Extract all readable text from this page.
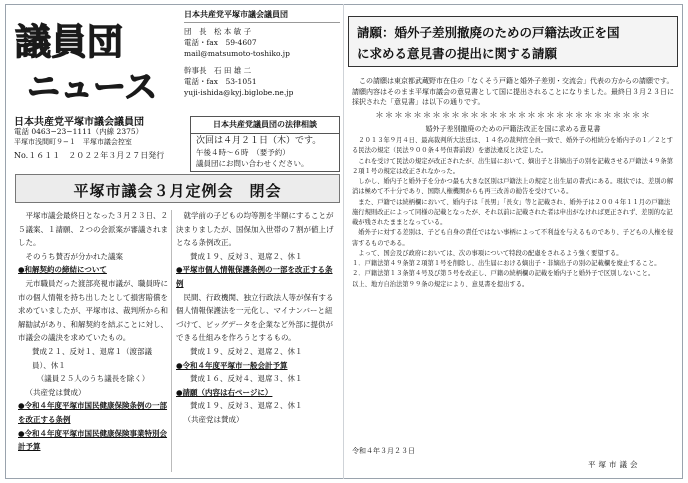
議員団
ニュース
日本共産党平塚市議会議員団
電話 0463−23−1111（内線 2375）
平塚市浅間町９−１　平塚市議会控室
No.１６１１　２０２２年３月２７日発行
日本共産党平塚市議会議員団
団　長　松 本 敏 子
電話・fax　59-4607
mail@matsumoto-toshiko.jp
幹事長　石 田 雄 二
電話・fax　53-1051
yuji-ishida@kyj.biglobe.ne.jp
日本共産党議員団の法律相談
次回は４月２１日（木）です。
午後４時〜６時　（要予約）
議員団にお問い合わせください。
平塚市議会３月定例会　閉会

平塚市議会最終日となった３月２３日、２５議案、１請願、２つの会派案が審議されました。

そのうち賛否が分かれた議案

●和解契約の締結について

元市職員だった渡部亮視市議が、職員時に市の個人情報を持ち出したとして損害賠償を求めていましたが、平塚市は、裁判所から和解勧試があり、和解契約を結ぶことに対し、市議会の議決を求めていたもの。

賛成２１、反対１、退席１（渡部議員）、休１

（議員２５人のうち議長を除く）

（共産党は賛成）

●令和４年度平塚市国民健康保険条例の一部を改正する条例

●令和４年度平塚市国民健康保険事業特別会計予算

就学前の子どもの均等割を半額にすることが決まりましたが、国保加入世帯の７割が値上げとなる条例改正。

賛成１９、反対３、退席２、休１

●平塚市個人情報保護条例の一部を改正する条例

民間、行政機関、独立行政法人等が保有する個人情報保護法を一元化し、マイナンバーと紐づけて、ビッグデータを企業など外部に提供ができる仕組みを作ろうとするもの。

賛成１９、反対２、退席２、休１

●令和４年度平塚市一般会計予算

賛成１６、反対４、退席３、休１

●請願（内容は右ページに）

賛成１９、反対３、退席２、休１

（共産党は賛成）

請願：婚外子差別撤廃のための戸籍法改正を国
に求める意見書の提出に関する請願

この請願は東京都武蔵野市在住の「なくそう戸籍と婚外子差別・交流会」代表の方からの請願です。請願内容はそのまま平塚市議会の意見書として国に提出されることになりました。最終日３月２３日に採択された「意見書」は以下の通りです。

＊＊＊＊＊＊＊＊＊＊＊＊＊＊＊＊＊＊＊＊＊＊＊＊＊＊＊＊＊
婚外子差別撤廃のための戸籍法改正を国に求める意見書

２０１３年９月４日、最高裁判所大法廷は、１４名の裁判官全員一致で、婚外子の相続分を婚内子の１／２とする民法の規定（民法９００条４号但書前段）を憲法違反と決定した。

これを受けて民法の規定が改正されたが、出生届において、嫡出子と非嫡出子の別を記載させる戸籍法４９条第２項１号の規定は改正されなかった。

しかし、婚内子と婚外子を分かつ最も大きな区別は戸籍法上の規定と出生届の書式にある。現状では、差別の解消は極めて不十分であり、国際人権機関からも再三改善の勧告を受けている。

また、戸籍では続柄欄において、婚内子は「長男」「長女」等と記載され、婚外子は２００４年１１月の戸籍法施行規則改正によって同様の記載となったが、それ以前に記載された者は申出がなければ更正されず、差別的な記載が残されたままとなっている。

婚外子に対する差別は、子ども自身の責任ではない事柄によって不利益を与えるものであり、子どもの人権を侵害するものである。

よって、国会及び政府においては、次の事項について特段の配慮をされるよう強く要望する。

１．戸籍法第４９条第２項第１号を削除し、出生届における嫡出子・非嫡出子の別の記載欄を廃止すること。

２．戸籍法第１３条第４号及び第５号を改正し、戸籍の続柄欄の記載を婚内子と婚外子で区別しないこと。

以上、地方自治法第９９条の規定により、意見書を提出する。

令和４年３月２３日
平塚市議会
